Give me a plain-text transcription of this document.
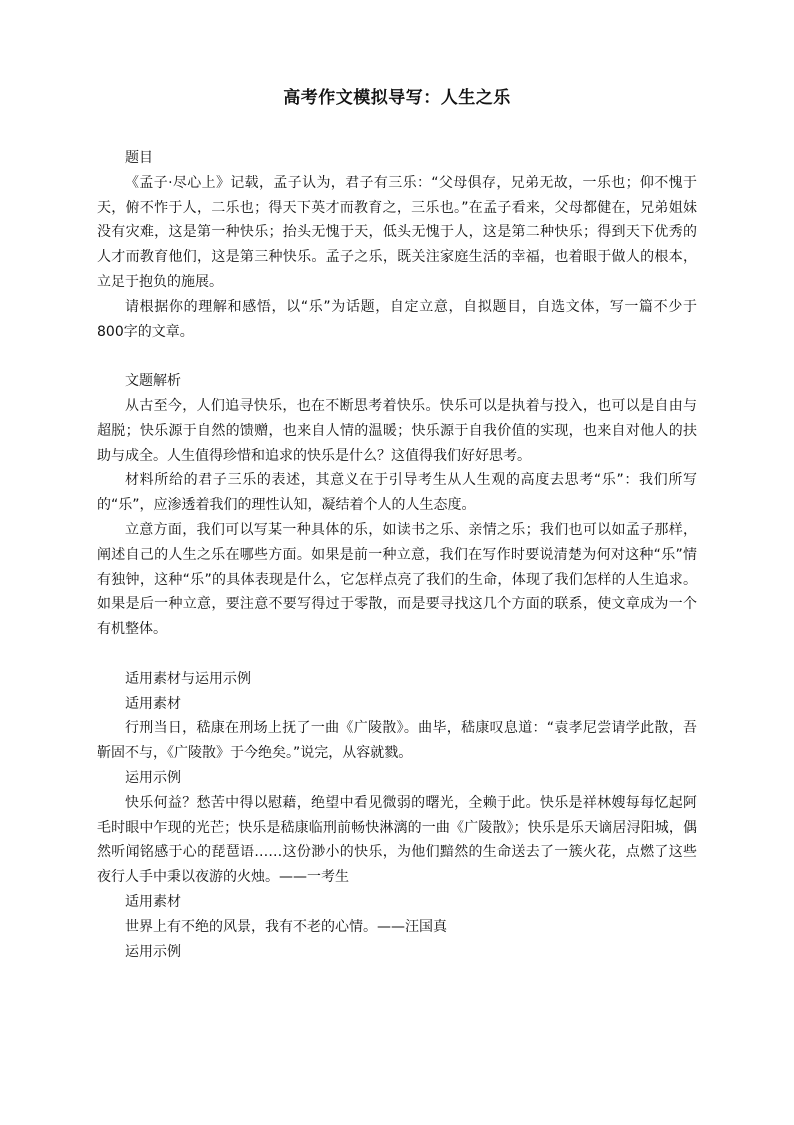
高考作文模拟导写：人生之乐

题目

《孟子·尽心上》记载，孟子认为，君子有三乐：“父母俱存，兄弟无故，一乐也；仰不愧于天，俯不怍于人，二乐也；得天下英才而教育之，三乐也。”在孟子看来，父母都健在，兄弟姐妹没有灾难，这是第一种快乐；抬头无愧于天，低头无愧于人，这是第二种快乐；得到天下优秀的人才而教育他们，这是第三种快乐。孟子之乐，既关注家庭生活的幸福，也着眼于做人的根本，立足于抱负的施展。

请根据你的理解和感悟，以“乐”为话题，自定立意，自拟题目，自选文体，写一篇不少于800字的文章。

文题解析

从古至今，人们追寻快乐，也在不断思考着快乐。快乐可以是执着与投入，也可以是自由与超脱；快乐源于自然的馈赠，也来自人情的温暖；快乐源于自我价值的实现，也来自对他人的扶助与成全。人生值得珍惜和追求的快乐是什么？这值得我们好好思考。

材料所给的君子三乐的表述，其意义在于引导考生从人生观的高度去思考“乐”：我们所写的“乐”，应渗透着我们的理性认知，凝结着个人的人生态度。

立意方面，我们可以写某一种具体的乐，如读书之乐、亲情之乐；我们也可以如孟子那样，阐述自己的人生之乐在哪些方面。如果是前一种立意，我们在写作时要说清楚为何对这种“乐”情有独钟，这种“乐”的具体表现是什么，它怎样点亮了我们的生命，体现了我们怎样的人生追求。如果是后一种立意，要注意不要写得过于零散，而是要寻找这几个方面的联系，使文章成为一个有机整体。

适用素材与运用示例

适用素材

行刑当日，嵇康在刑场上抚了一曲《广陵散》。曲毕，嵇康叹息道：“袁孝尼尝请学此散，吾靳固不与，《广陵散》于今绝矣。”说完，从容就戮。

运用示例

快乐何益？愁苦中得以慰藉，绝望中看见微弱的曙光，全赖于此。快乐是祥林嫂每每忆起阿毛时眼中乍现的光芒；快乐是嵇康临刑前畅快淋漓的一曲《广陵散》；快乐是乐天谪居浔阳城，偶然听闻铭感于心的琵琶语……这份渺小的快乐，为他们黯然的生命送去了一簇火花，点燃了这些夜行人手中秉以夜游的火烛。——一考生

适用素材

世界上有不绝的风景，我有不老的心情。——汪国真

运用示例
